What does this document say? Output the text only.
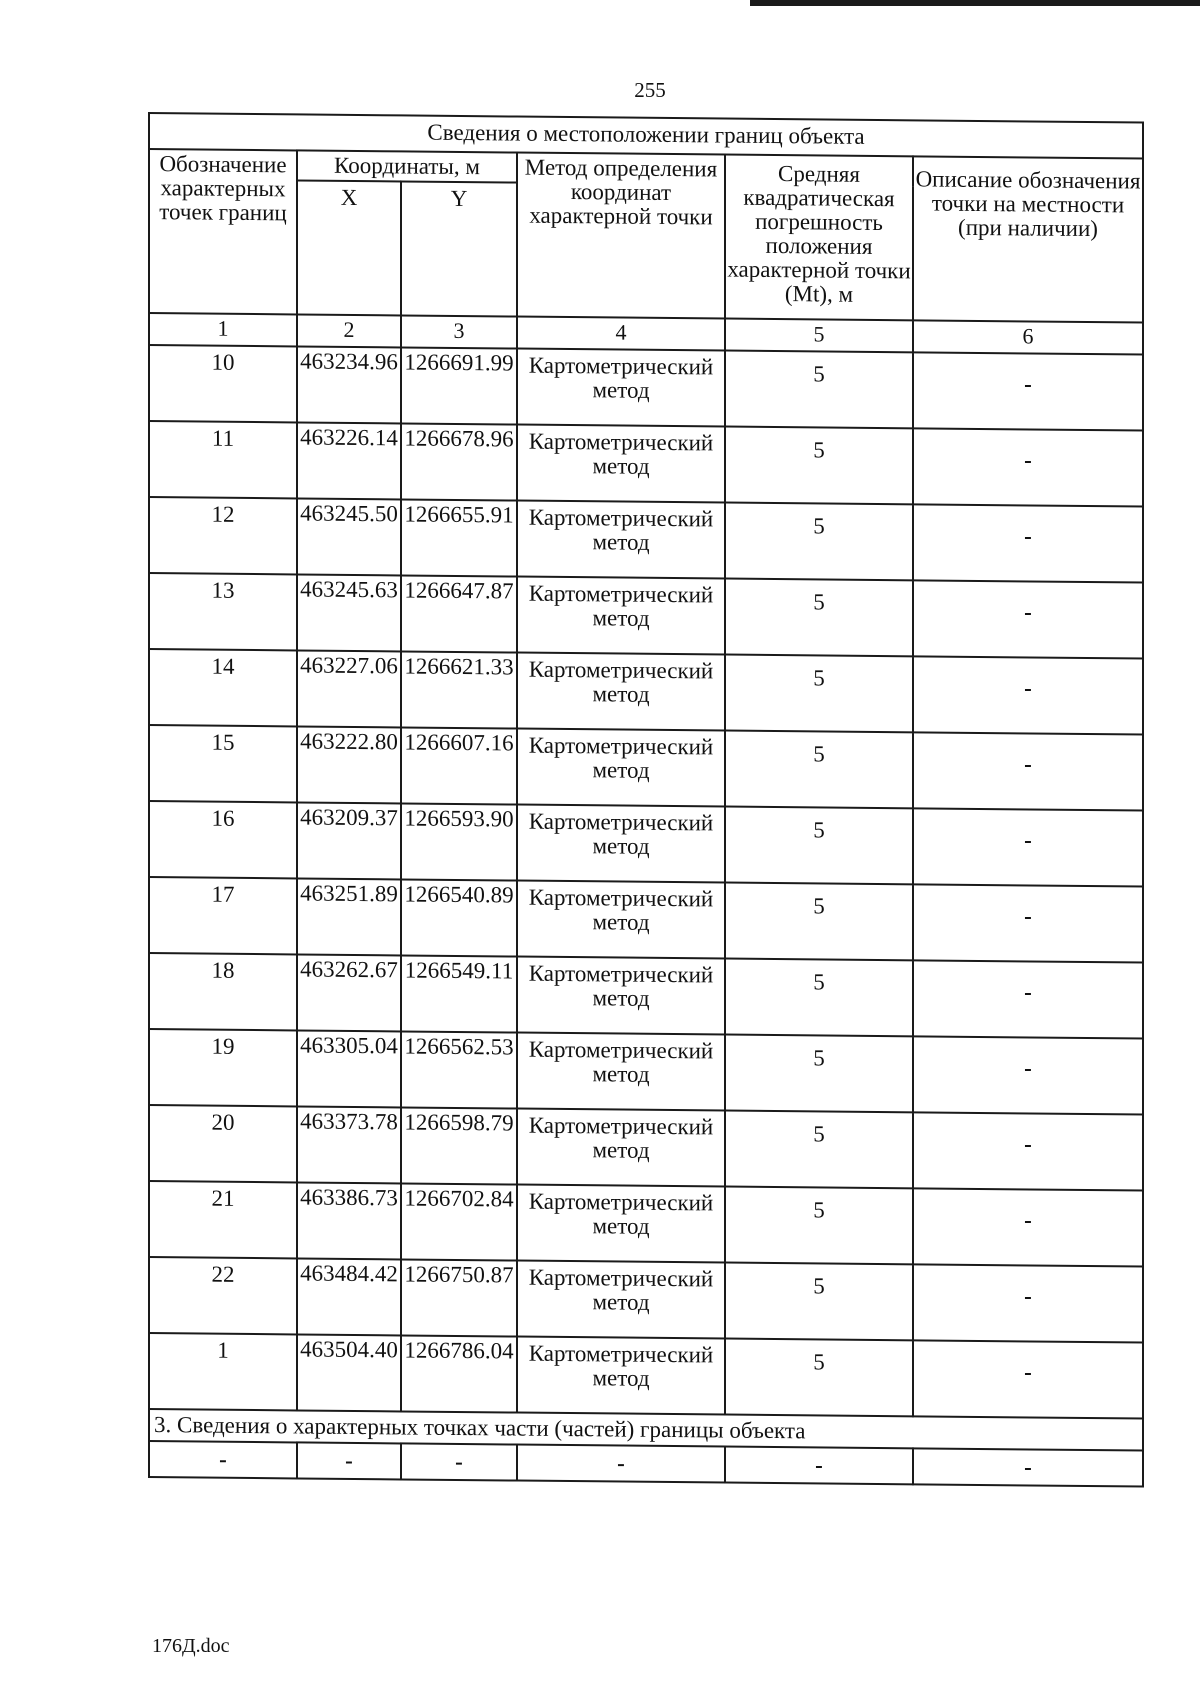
255
Сведения о местоположении границ объекта					
Обозначение характерных точек границ	Координаты, м		Метод определения координат характерной точки	Средняя квадратическая погрешность положения характерной точки (Mt), м	Описание обозначения точки на местности (при наличии)
	X	Y			
1	2	3	4	5	6
10	463234.96	1266691.99	Картометрический метод	5	-
11	463226.14	1266678.96	Картометрический метод	5	-
12	463245.50	1266655.91	Картометрический метод	5	-
13	463245.63	1266647.87	Картометрический метод	5	-
14	463227.06	1266621.33	Картометрический метод	5	-
15	463222.80	1266607.16	Картометрический метод	5	-
16	463209.37	1266593.90	Картометрический метод	5	-
17	463251.89	1266540.89	Картометрический метод	5	-
18	463262.67	1266549.11	Картометрический метод	5	-
19	463305.04	1266562.53	Картометрический метод	5	-
20	463373.78	1266598.79	Картометрический метод	5	-
21	463386.73	1266702.84	Картометрический метод	5	-
22	463484.42	1266750.87	Картометрический метод	5	-
1	463504.40	1266786.04	Картометрический метод	5	-
3. Сведения о характерных точках части (частей) границы объекта					
-	-	-	-	-	-
176Д.doc
